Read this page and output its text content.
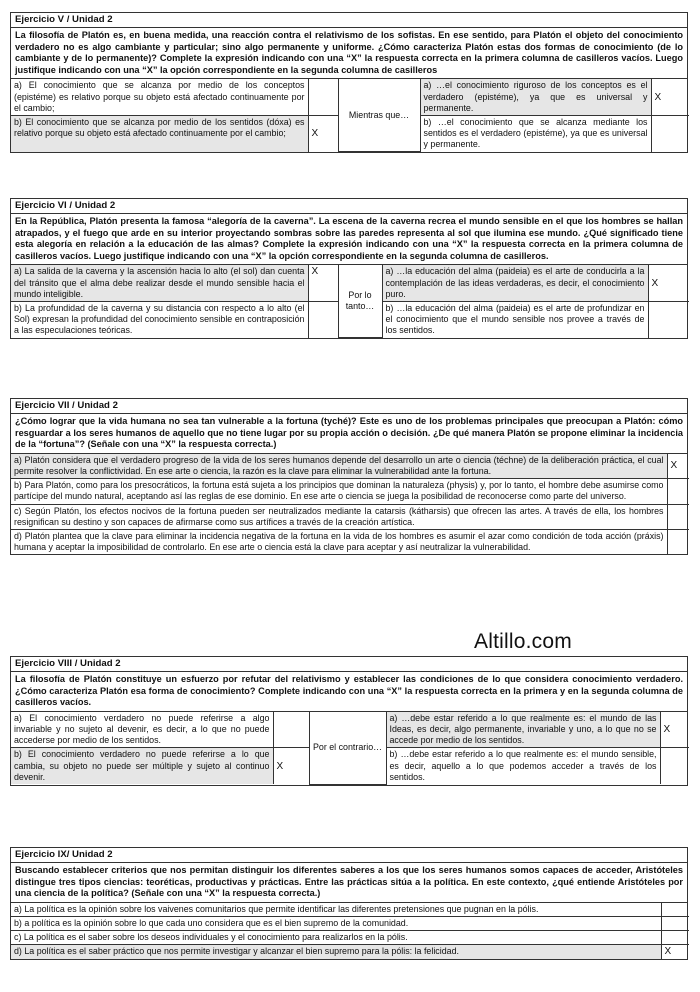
Ejercicio V / Unidad 2
La filosofía de Platón es, en buena medida, una reacción contra el relativismo de los sofistas. En ese sentido, para Platón el objeto del conocimiento verdadero no es algo cambiante y particular; sino algo permanente y uniforme. ¿Cómo caracteriza Platón estas dos formas de conocimiento (de lo cambiante y de lo permanente)? Complete la expresión indicando con una “X” la respuesta correcta en la primera columna de casilleros vacíos. Luego justifique indicando con una “X” la opción correspondiente en la segunda columna de casilleros
a) El conocimiento que se alcanza por medio de los conceptos (epistéme) es relativo porque su objeto está afectado continuamente por el cambio;		Mientras que…	a) …el conocimiento riguroso de los conceptos es el verdadero (epistéme), ya que es universal y permanente.	X
b) El conocimiento que se alcanza por medio de los sentidos (dóxa) es relativo porque su objeto está afectado continuamente por el cambio;	X		b) …el conocimiento que se alcanza mediante los sentidos es el verdadero (epistéme), ya que es universal y permanente.	
Ejercicio VI / Unidad 2
En la República, Platón presenta la famosa “alegoría de la caverna”. La escena de la caverna recrea el mundo sensible en el que los hombres se hallan atrapados, y el fuego que arde en su interior proyectando sombras sobre las paredes representa al sol que ilumina ese mundo. ¿Qué significado tiene esta alegoría en relación a la educación de las almas? Complete la expresión indicando con una “X” la respuesta correcta en la primera columna de casilleros vacíos. Luego justifique indicando con una “X” la opción correspondiente en la segunda columna de casilleros.
a) La salida de la caverna y la ascensión hacia lo alto (el sol) dan cuenta del tránsito que el alma debe realizar desde el mundo sensible hacia el mundo inteligible.	X	Por lo tanto…	a) …la educación del alma (paideia) es el arte de conducirla a la contemplación de las ideas verdaderas, es decir, el conocimiento puro.	X
b) La profundidad de la caverna y su distancia con respecto a lo alto (el Sol) expresan la profundidad del conocimiento sensible en contraposición a las especulaciones teóricas.			b) …la educación del alma (paideia) es el arte de profundizar en el conocimiento que el mundo sensible nos provee a través de los sentidos.	
Ejercicio VII / Unidad 2
¿Cómo lograr que la vida humana no sea tan vulnerable a la fortuna (tyché)? Este es uno de los problemas principales que preocupan a Platón: cómo resguardar a los seres humanos de aquello que no tiene lugar por su propia acción o decisión. ¿De qué manera Platón se propone eliminar la incidencia de la “fortuna”? (Señale con una “X” la respuesta correcta.)
a) Platón considera que el verdadero progreso de la vida de los seres humanos depende del desarrollo un arte o ciencia (téchne) de la deliberación práctica, el cual permite resolver la conflictividad. En ese arte o ciencia, la razón es la clave para eliminar la vulnerabilidad ante la fortuna.	X
b) Para Platón, como para los presocráticos, la fortuna está sujeta a los principios que dominan la naturaleza (physis) y, por lo tanto, el hombre debe asumirse como partícipe del mundo natural, aceptando así las reglas de ese dominio. En ese arte o ciencia se juega la posibilidad de reconocerse como parte del universo.	
c) Según Platón, los efectos nocivos de la fortuna pueden ser neutralizados mediante la catarsis (kátharsis) que ofrecen las artes. A través de ella, los hombres resignifican su destino y son capaces de afirmarse como sus artífices a través de la creación artística.	
d) Platón plantea que la clave para eliminar la incidencia negativa de la fortuna en la vida de los hombres es asumir el azar como condición de toda acción (práxis) humana y aceptar la imposibilidad de controlarlo. En ese arte o ciencia está la clave para aceptar y así neutralizar la vulnerabilidad.	
Altillo.com
Ejercicio VIII / Unidad 2
La filosofía de Platón constituye un esfuerzo por refutar del relativismo y establecer las condiciones de lo que considera conocimiento verdadero. ¿Cómo caracteriza Platón esa forma de conocimiento? Complete indicando con una “X” la respuesta correcta en la primera y en la segunda columna de casilleros vacíos.
a) El conocimiento verdadero no puede referirse a algo invariable y no sujeto al devenir, es decir, a lo que no puede accederse por medio de los sentidos.		Por el contrario…	a) …debe estar referido a lo que realmente es: el mundo de las Ideas, es decir, algo permanente, invariable y uno, a lo que no se accede por medio de los sentidos.	X
b) El conocimiento verdadero no puede referirse a lo que cambia, su objeto no puede ser múltiple y sujeto al continuo devenir.	X		b) …debe estar referido a lo que realmente es: el mundo sensible, es decir, aquello a lo que podemos acceder a través de los sentidos.	
Ejercicio IX/ Unidad 2
Buscando establecer criterios que nos permitan distinguir los diferentes saberes a los que los seres humanos somos capaces de acceder, Aristóteles distingue tres tipos ciencias: teoréticas, productivas y prácticas. Entre las prácticas sitúa a la política. En este contexto, ¿qué entiende Aristóteles por una ciencia de la política? (Señale con una “X” la respuesta correcta.)
a) La política es la opinión sobre los vaivenes comunitarios que permite identificar las diferentes pretensiones que pugnan en la pólis.	
b) a política es la opinión sobre lo que cada uno considera que es el bien supremo de la comunidad.	
c) La política es el saber sobre los deseos individuales y el conocimiento para realizarlos en la pólis.	
d) La política es el saber práctico que nos permite investigar y alcanzar el bien supremo para la pólis: la felicidad.	X
